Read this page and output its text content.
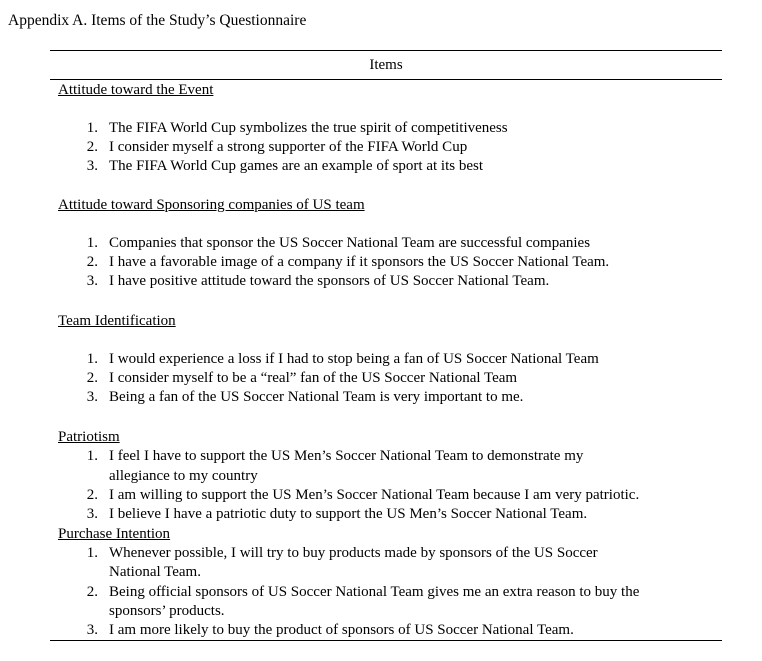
Appendix A. Items of the Study’s Questionnaire
Items
Attitude toward the Event
1. The FIFA World Cup symbolizes the true spirit of competitiveness
2. I consider myself a strong supporter of the FIFA World Cup
3. The FIFA World Cup games are an example of sport at its best
Attitude toward Sponsoring companies of US team
1. Companies that sponsor the US Soccer National Team are successful companies
2. I have a favorable image of a company if it sponsors the US Soccer National Team.
3. I have positive attitude toward the sponsors of US Soccer National Team.
Team Identification
1. I would experience a loss if I had to stop being a fan of US Soccer National Team
2. I consider myself to be a “real” fan of the US Soccer National Team
3. Being a fan of the US Soccer National Team is very important to me.
Patriotism
1. I feel I have to support the US Men’s Soccer National Team to demonstrate my
allegiance to my country
2. I am willing to support the US Men’s Soccer National Team because I am very patriotic.
3. I believe I have a patriotic duty to support the US Men’s Soccer National Team.
Purchase Intention
1. Whenever possible, I will try to buy products made by sponsors of the US Soccer
National Team.
2. Being official sponsors of US Soccer National Team gives me an extra reason to buy the
sponsors’ products.
3. I am more likely to buy the product of sponsors of US Soccer National Team.
